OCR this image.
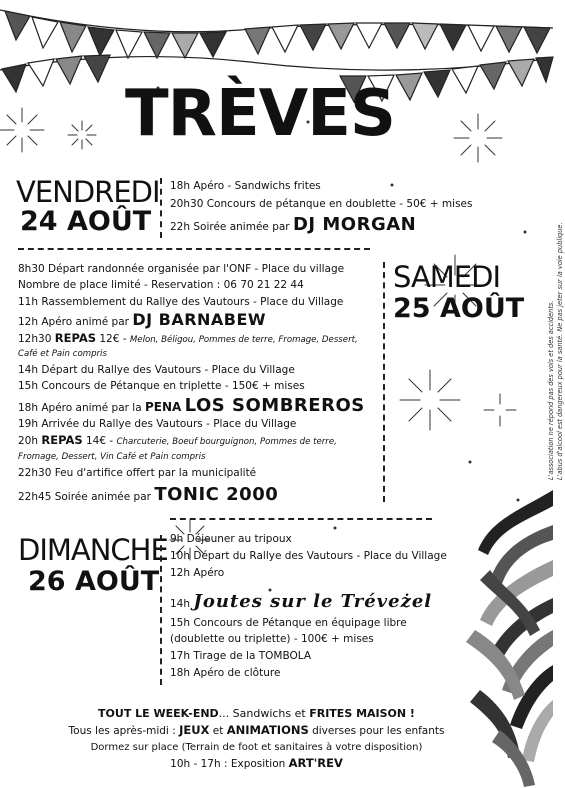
TRÈVES
L'association ne répond pas des vols et des accidents. L'abus d'alcool est dangereux pour la santé. Ne pas jeter sur la voie publique.
VENDREDI
24 AOÛT
18h Apéro - Sandwichs frites
20h30 Concours de pétanque en doublette - 50€ + mises
22h Soirée animée par DJ MORGAN
SAMEDI
25 AOÛT
8h30 Départ randonnée organisée par l'ONF - Place du village
Nombre de place limité - Reservation : 06 70 21 22 44
11h Rassemblement du Rallye des Vautours - Place du Village
12h Apéro animé par DJ BARNABEW
12h30 REPAS 12€ - Melon, Béligou, Pommes de terre, Fromage, Dessert,
Café et Pain compris
14h Départ du Rallye des Vautours - Place du Village
15h Concours de Pétanque en triplette - 150€ + mises
18h Apéro animé par la PENA LOS SOMBREROS
19h Arrivée du Rallye des Vautours - Place du Village
20h REPAS 14€ - Charcuterie, Boeuf bourguignon, Pommes de terre,
Fromage, Dessert, Vin Café et Pain compris
22h30 Feu d'artifice offert par la municipalité
22h45 Soirée animée par TONIC 2000
DIMANCHE
26 AOÛT
9h Déjeuner au tripoux
10h Départ du Rallye des Vautours - Place du Village
12h Apéro
14h Joutes sur le Tréveżel
15h Concours de Pétanque en équipage libre
(doublette ou triplette) - 100€ + mises
17h Tirage de la TOMBOLA
18h Apéro de clôture
TOUT LE WEEK-END... Sandwichs et FRITES MAISON !
Tous les après-midi : JEUX et ANIMATIONS diverses pour les enfants
Dormez sur place (Terrain de foot et sanitaires à votre disposition)
10h - 17h : Exposition ART'REV
